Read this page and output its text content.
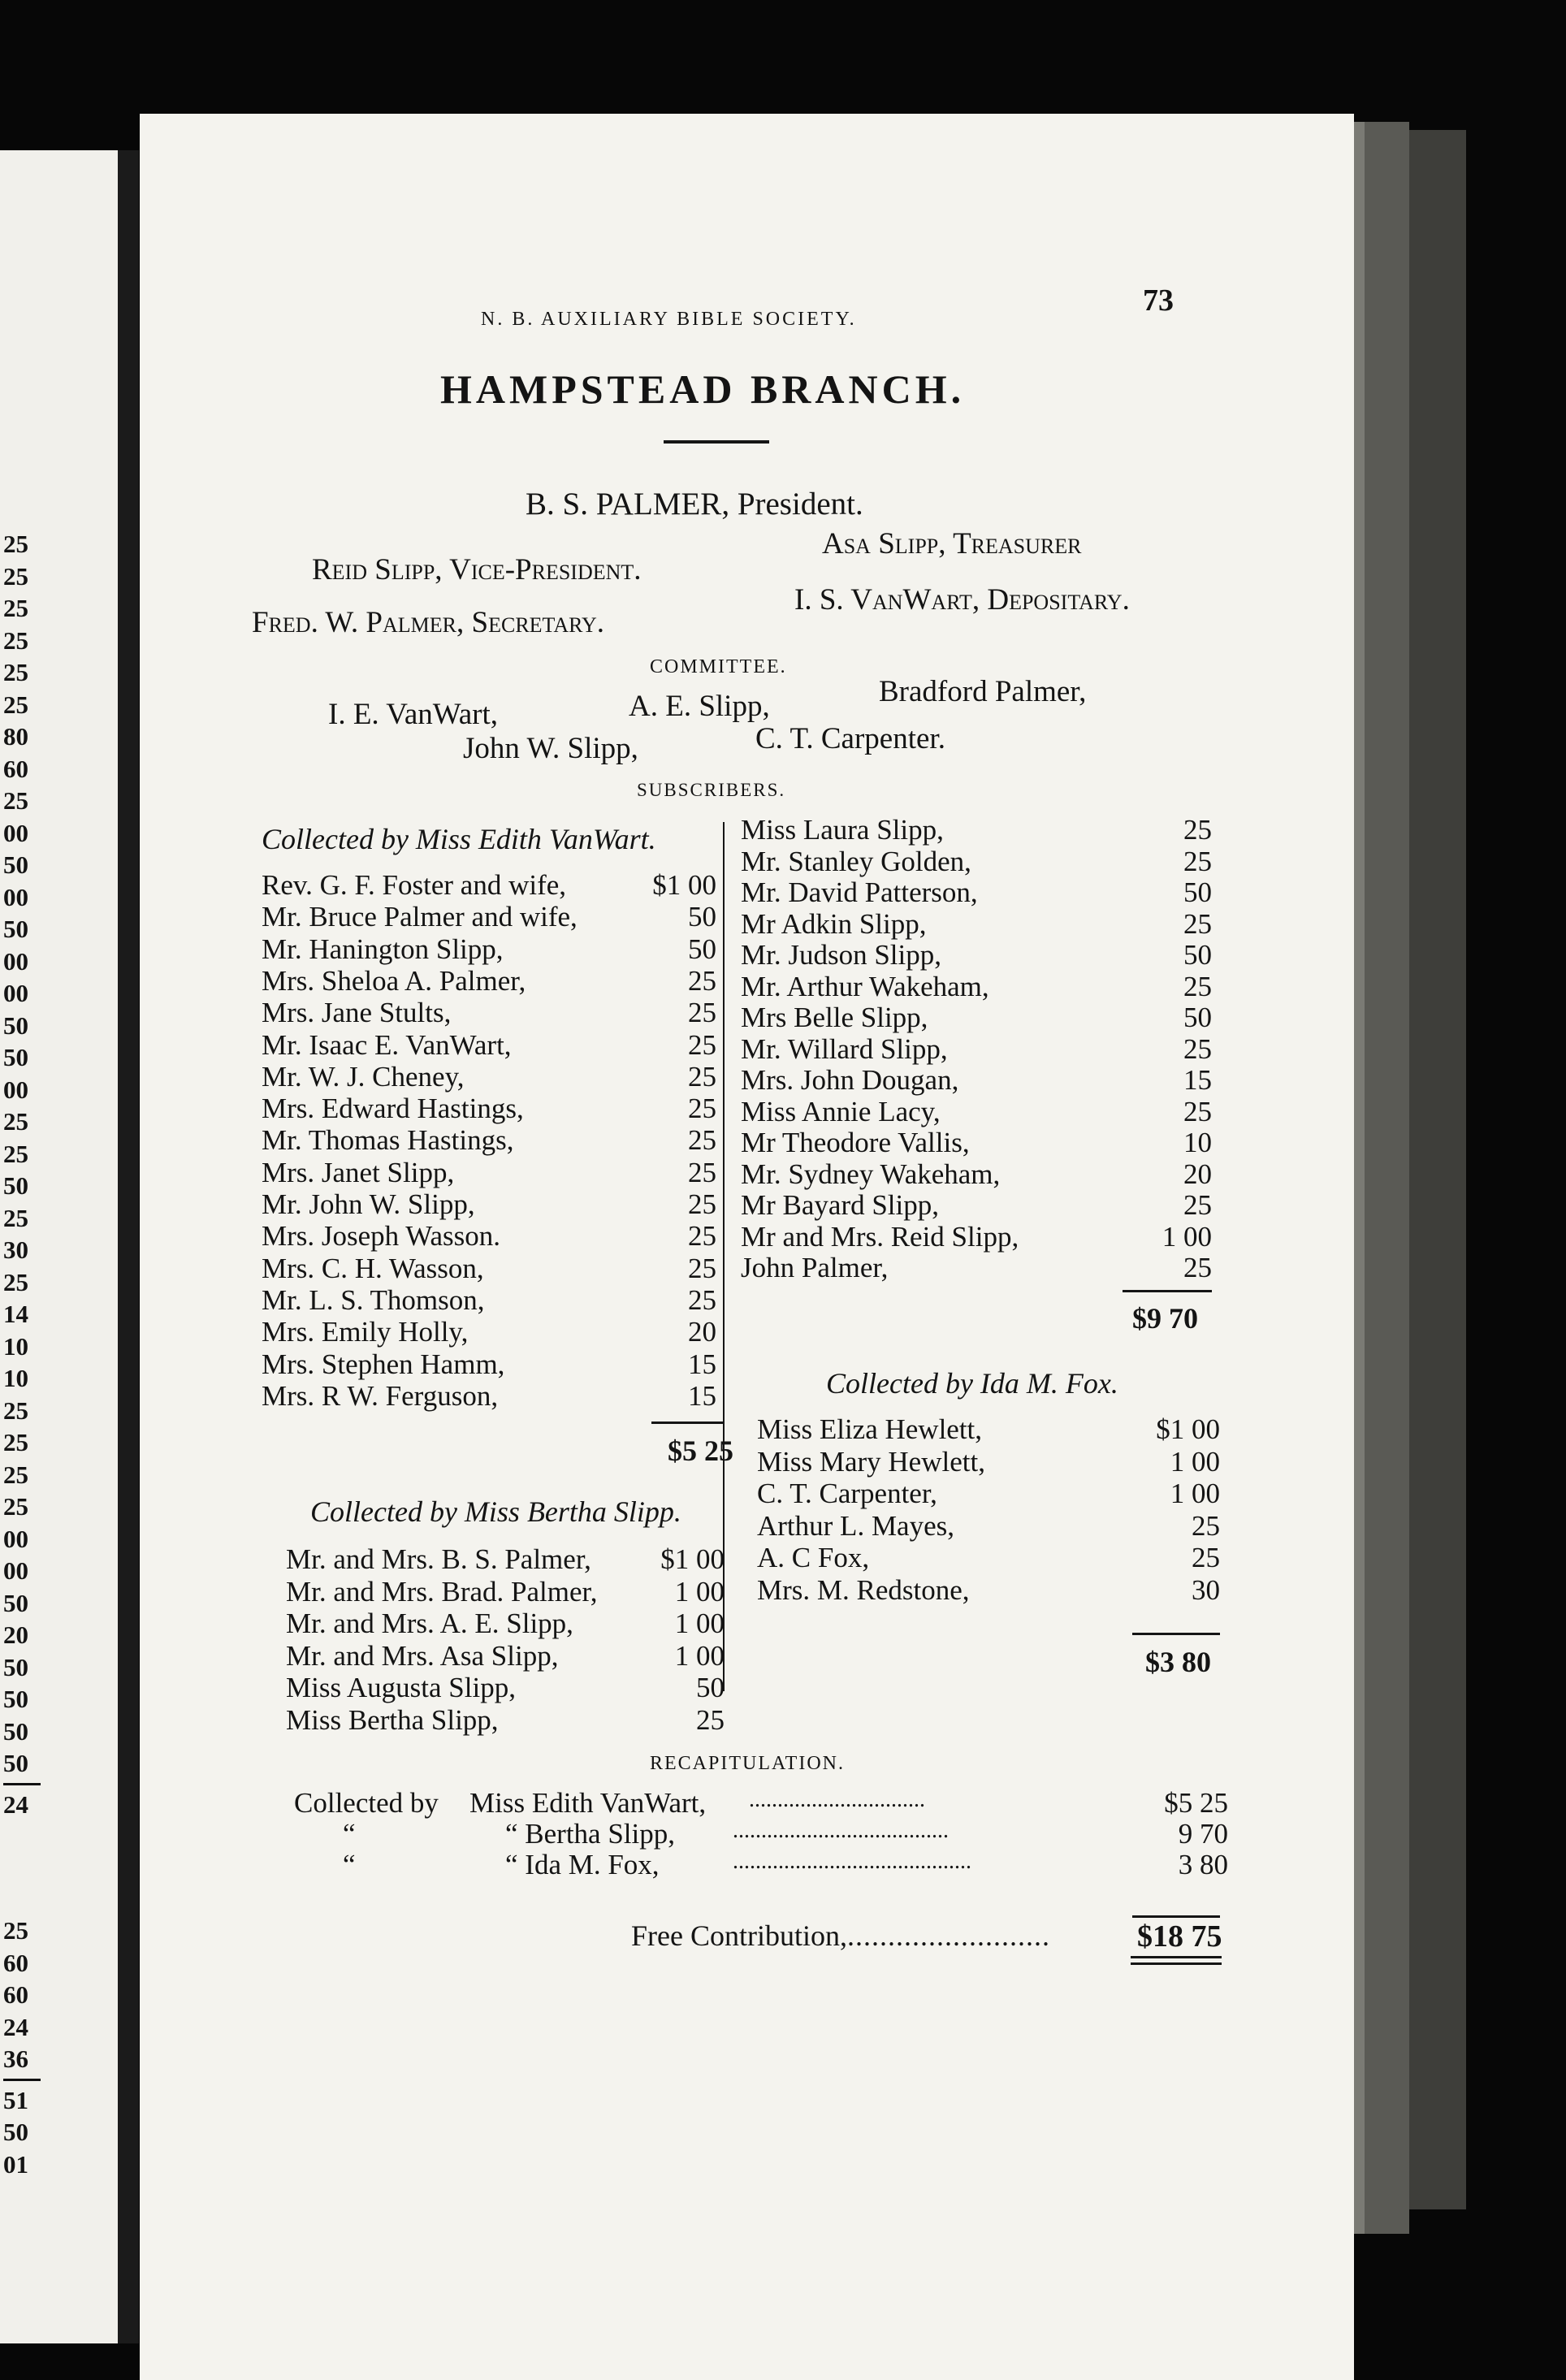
25
25
25
25
25
25
80
60
25
00
50
00
50
00
00
50
50
00
25
25
50
25
30
25
14
10
10
25
25
25
25
00
00
50
20
50
50
50
50
24
25
60
60
24
36
51
50
01
N. B. AUXILIARY BIBLE SOCIETY.
73
HAMPSTEAD BRANCH.
B. S. PALMER, President.
Asa Slipp, Treasurer
Reid Slipp, Vice-President.
Fred. W. Palmer, Secretary.
I. S. VanWart, Depositary.
COMMITTEE.
I. E. VanWart,	A. E. Slipp,	Bradford Palmer,
John W. Slipp,	C. T. Carpenter.
SUBSCRIBERS.
Collected by Miss Edith VanWart.
Rev. G. F. Foster and wife,	$1 00
Mr. Bruce Palmer and wife,	50
Mr. Hanington Slipp,	50
Mrs. Sheloa A. Palmer,	25
Mrs. Jane Stults,	25
Mr. Isaac E. VanWart,	25
Mr. W. J. Cheney,	25
Mrs. Edward Hastings,	25
Mr. Thomas Hastings,	25
Mrs. Janet Slipp,	25
Mr. John W. Slipp,	25
Mrs. Joseph Wasson.	25
Mrs. C. H. Wasson,	25
Mr. L. S. Thomson,	25
Mrs. Emily Holly,	20
Mrs. Stephen Hamm,	15
Mrs. R W. Ferguson,	15
$5 25
Collected by Miss Bertha Slipp.
Mr. and Mrs. B. S. Palmer, $1 00
Mr. and Mrs. Brad. Palmer,	1 00
Mr. and Mrs. A. E. Slipp,	1 00
Mr. and Mrs. Asa Slipp,	1 00
Miss Augusta Slipp,	50
Miss Bertha Slipp,	25
Miss Laura Slipp,	25
Mr. Stanley Golden,	25
Mr. David Patterson,	50
Mr Adkin Slipp,	25
Mr. Judson Slipp,	50
Mr. Arthur Wakeham,	25
Mrs Belle Slipp,	50
Mr. Willard Slipp,	25
Mrs. John Dougan,	15
Miss Annie Lacy,	25
Mr Theodore Vallis,	10
Mr. Sydney Wakeham,	20
Mr Bayard Slipp,	25
Mr and Mrs. Reid Slipp,	1 00
John Palmer,	25
$9 70
Collected by Ida M. Fox.
Miss Eliza Hewlett,	$1 00
Miss Mary Hewlett,	1 00
C. T. Carpenter,	1 00
Arthur L. Mayes,	25
A. C Fox,	25
Mrs. M. Redstone,	30
$3 80
RECAPITULATION.
Collected by Miss Edith VanWart, ...............................	$5 25
“	“ Bertha Slipp,	......................................	9 70
“	“ Ida M. Fox,	..........................................	3 80
Free Contribution,.........................	$18 75
